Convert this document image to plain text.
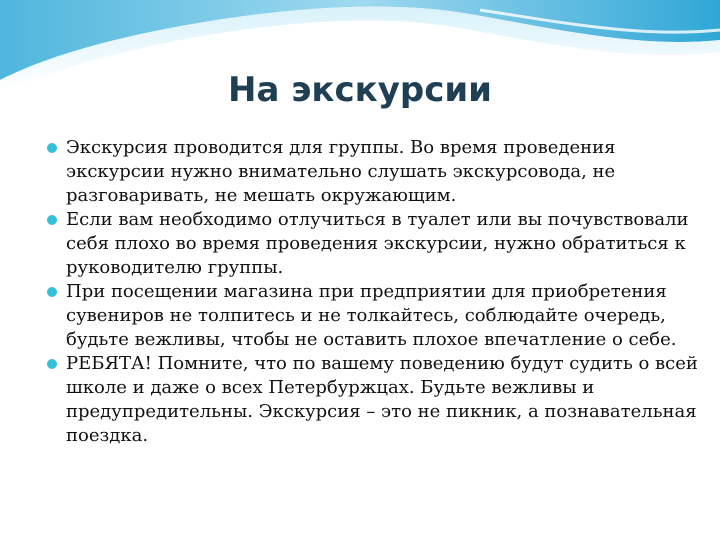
На экскурсии
Экскурсия проводится для группы. Во время проведения экскурсии нужно внимательно слушать экскурсовода, не разговаривать, не мешать окружающим.
Если вам необходимо отлучиться в туалет или вы почувствовали себя плохо во время проведения экскурсии, нужно обратиться к руководителю группы.
При посещении магазина при предприятии для приобретения сувениров не толпитесь и не толкайтесь, соблюдайте очередь, будьте вежливы, чтобы не оставить плохое впечатление о себе.
РЕБЯТА! Помните, что по вашему поведению будут судить о всей школе и даже о всех Петербуржцах. Будьте вежливы и предупредительны. Экскурсия – это не пикник, а познавательная поездка.
